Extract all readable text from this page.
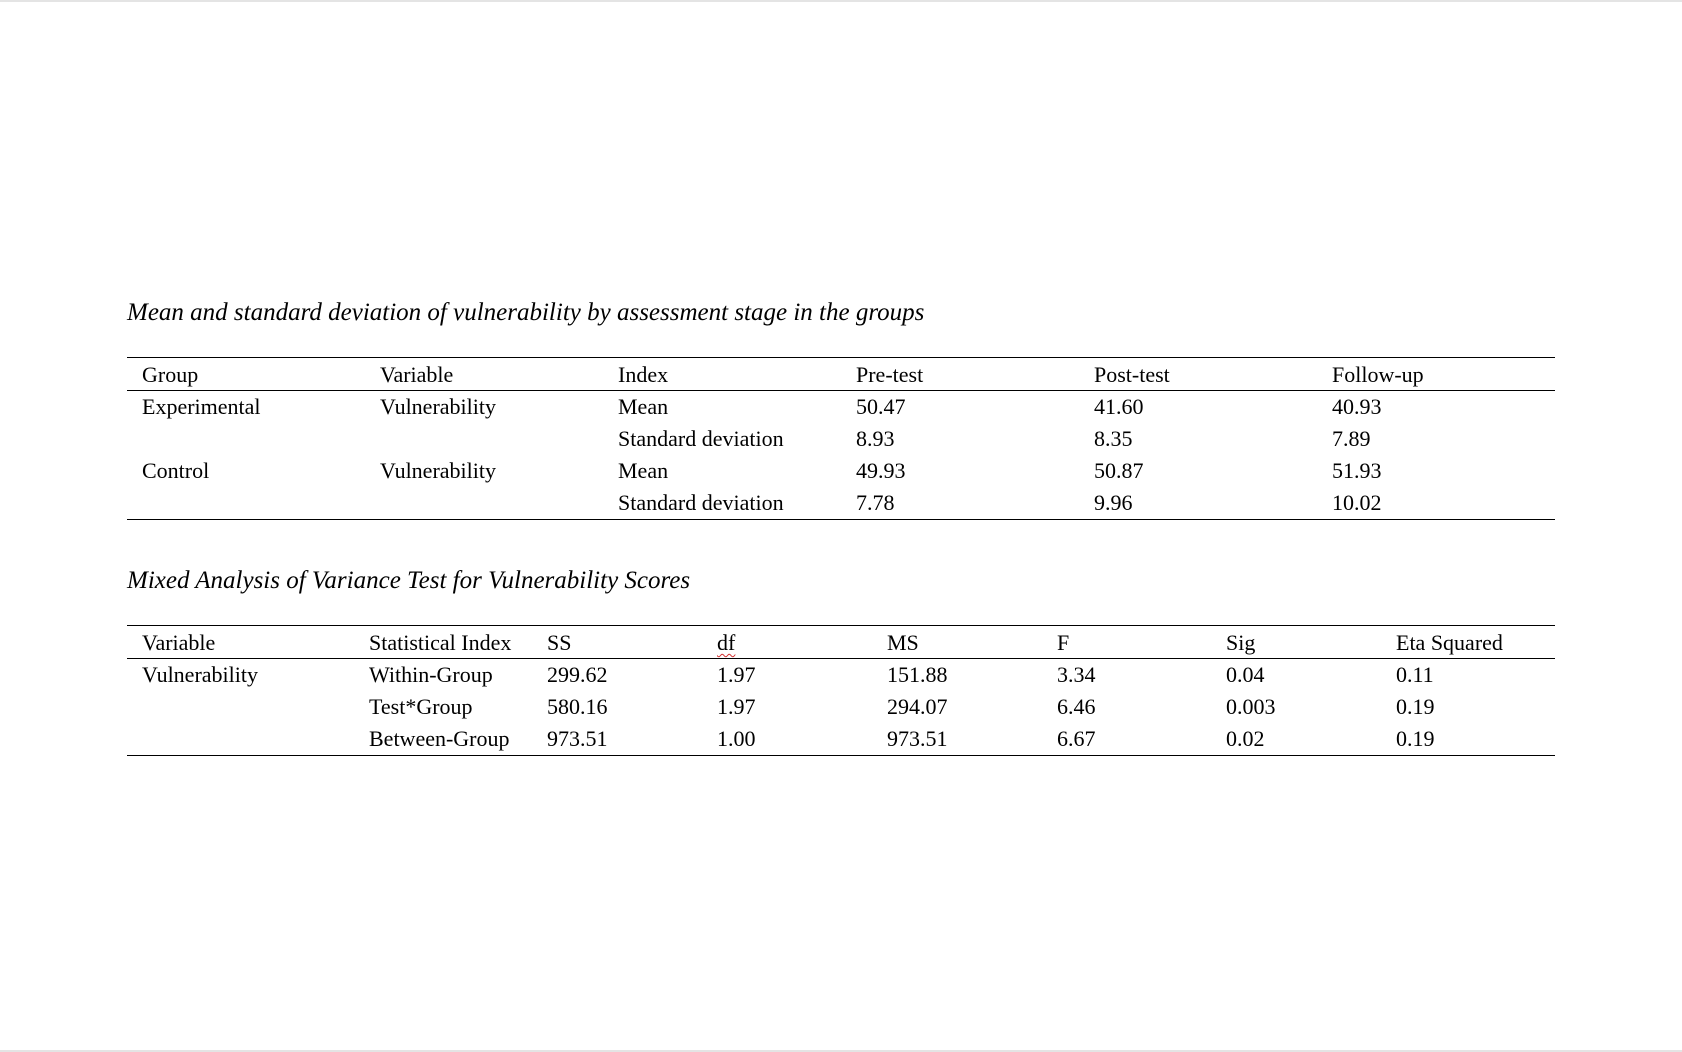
Mean and standard deviation of vulnerability by assessment stage in the groups
Group	Variable	Index	Pre-test	Post-test	Follow-up
Experimental	Vulnerability	Mean	50.47	41.60	40.93
		Standard deviation	8.93	8.35	7.89
Control	Vulnerability	Mean	49.93	50.87	51.93
		Standard deviation	7.78	9.96	10.02
Mixed Analysis of Variance Test for Vulnerability Scores
Variable	Statistical Index	SS	df	MS	F	Sig	Eta Squared
Vulnerability	Within-Group	299.62	1.97	151.88	3.34	0.04	0.11
	Test*Group	580.16	1.97	294.07	6.46	0.003	0.19
	Between-Group	973.51	1.00	973.51	6.67	0.02	0.19
